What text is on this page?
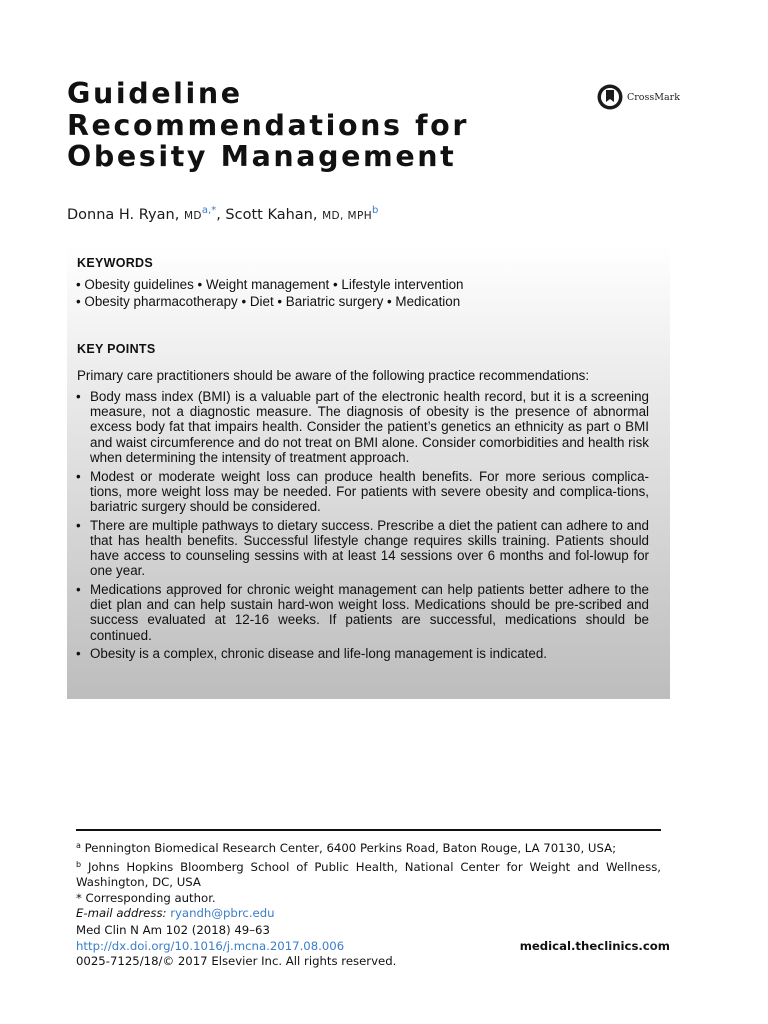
Guideline
Recommendations for
Obesity Management
CrossMark
Donna H. Ryan, $MD^{a,*}$, Scott Kahan, MD, MPH$^b$
KEYWORDS
• Obesity guidelines • Weight management • Lifestyle intervention
• Obesity pharmacotherapy • Diet • Bariatric surgery • Medication
KEY POINTS
Primary care practitioners should be aware of the following practice recommendations:
• Body mass index (BMI) is a valuable part of the electronic health record, but it is a screening measure, not a diagnostic measure. The diagnosis of obesity is the presence of abnormal excess body fat that impairs health. Consider the patient’s genetics an ethnicity as part o BMI and waist circumference and do not treat on BMI alone. Consider comorbidities and health risk when determining the intensity of treatment approach.
• Modest or moderate weight loss can produce health benefits. For more serious complica-tions, more weight loss may be needed. For patients with severe obesity and complica-tions, bariatric surgery should be considered.
• There are multiple pathways to dietary success. Prescribe a diet the patient can adhere to and that has health benefits. Successful lifestyle change requires skills training. Patients should have access to counseling sessins with at least 14 sessions over 6 months and fol-lowup for one year.
• Medications approved for chronic weight management can help patients better adhere to the diet plan and can help sustain hard-won weight loss. Medications should be pre-scribed and success evaluated at 12-16 weeks. If patients are successful, medications should be continued.
• Obesity is a complex, chronic disease and life-long management is indicated.
$^a$ Pennington Biomedical Research Center, 6400 Perkins Road, Baton Rouge, LA 70130, USA;
$^b$ Johns Hopkins Bloomberg School of Public Health, National Center for Weight and Wellness, Washington, DC, USA
* Corresponding author.
E-mail address: ryandh@pbrc.edu
Med Clin N Am 102 (2018) 49–63
http://dx.doi.org/10.1016/j.mcna.2017.08.006
0025-7125/18/© 2017 Elsevier Inc. All rights reserved.
medical.theclinics.com
